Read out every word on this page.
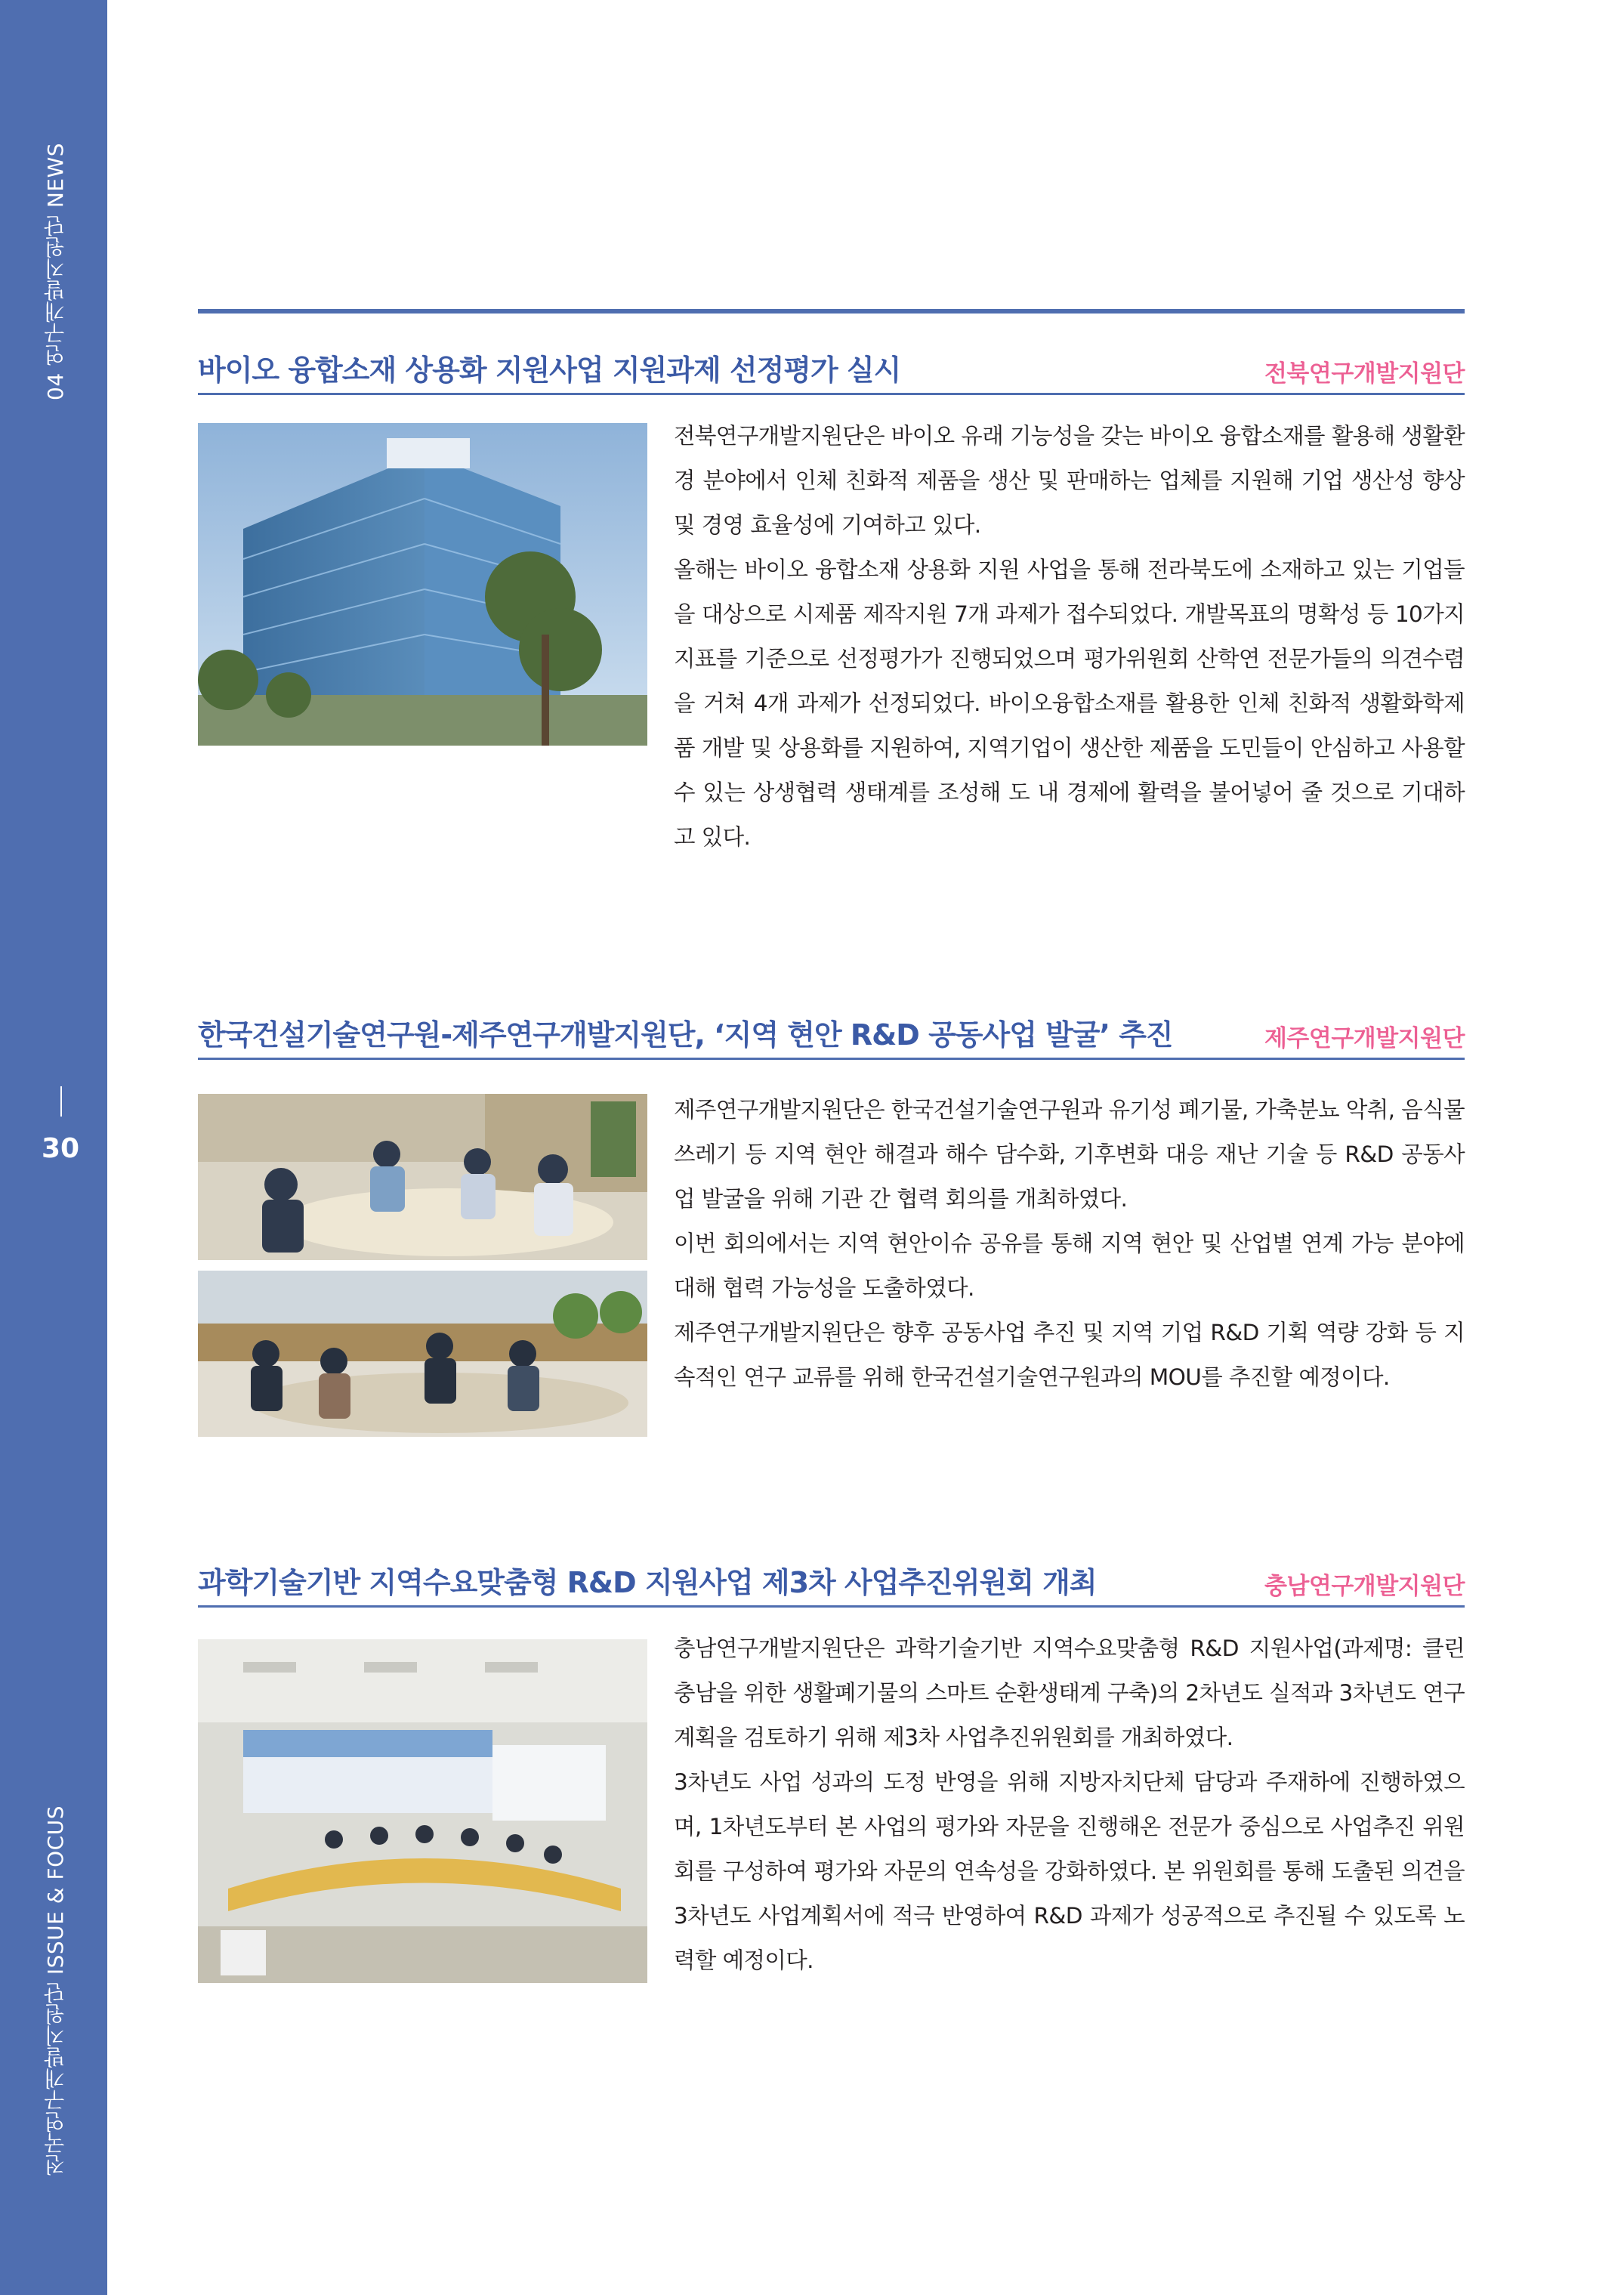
04 연구개발지원단 NEWS
30
전국연구개발지원단 ISSUE & FOCUS
바이오 융합소재 상용화 지원사업 지원과제 선정평가 실시	전북연구개발지원단

전북연구개발지원단은 바이오 유래 기능성을 갖는 바이오 융합소재를 활용해 생활환경 분야에서 인체 친화적 제품을 생산 및 판매하는 업체를 지원해 기업 생산성 향상 및 경영 효율성에 기여하고 있다.

올해는 바이오 융합소재 상용화 지원 사업을 통해 전라북도에 소재하고 있는 기업들을 대상으로 시제품 제작지원 7개 과제가 접수되었다. 개발목표의 명확성 등 10가지 지표를 기준으로 선정평가가 진행되었으며 평가위원회 산학연 전문가들의 의견수렴을 거쳐 4개 과제가 선정되었다. 바이오융합소재를 활용한 인체 친화적 생활화학제품 개발 및 상용화를 지원하여, 지역기업이 생산한 제품을 도민들이 안심하고 사용할 수 있는 상생협력 생태계를 조성해 도 내 경제에 활력을 불어넣어 줄 것으로 기대하고 있다.

한국건설기술연구원-제주연구개발지원단, ‘지역 현안 R&D 공동사업 발굴’ 추진	제주연구개발지원단

제주연구개발지원단은 한국건설기술연구원과 유기성 폐기물, 가축분뇨 악취, 음식물쓰레기 등 지역 현안 해결과 해수 담수화, 기후변화 대응 재난 기술 등 R&D 공동사업 발굴을 위해 기관 간 협력 회의를 개최하였다.

이번 회의에서는 지역 현안이슈 공유를 통해 지역 현안 및 산업별 연계 가능 분야에 대해 협력 가능성을 도출하였다.

제주연구개발지원단은 향후 공동사업 추진 및 지역 기업 R&D 기획 역량 강화 등 지속적인 연구 교류를 위해 한국건설기술연구원과의 MOU를 추진할 예정이다.

과학기술기반 지역수요맞춤형 R&D 지원사업 제3차 사업추진위원회 개최	충남연구개발지원단

충남연구개발지원단은 과학기술기반 지역수요맞춤형 R&D 지원사업(과제명: 클린 충남을 위한 생활폐기물의 스마트 순환생태계 구축)의 2차년도 실적과 3차년도 연구 계획을 검토하기 위해 제3차 사업추진위원회를 개최하였다.

3차년도 사업 성과의 도정 반영을 위해 지방자치단체 담당과 주재하에 진행하였으며, 1차년도부터 본 사업의 평가와 자문을 진행해온 전문가 중심으로 사업추진 위원회를 구성하여 평가와 자문의 연속성을 강화하였다. 본 위원회를 통해 도출된 의견을 3차년도 사업계획서에 적극 반영하여 R&D 과제가 성공적으로 추진될 수 있도록 노력할 예정이다.
